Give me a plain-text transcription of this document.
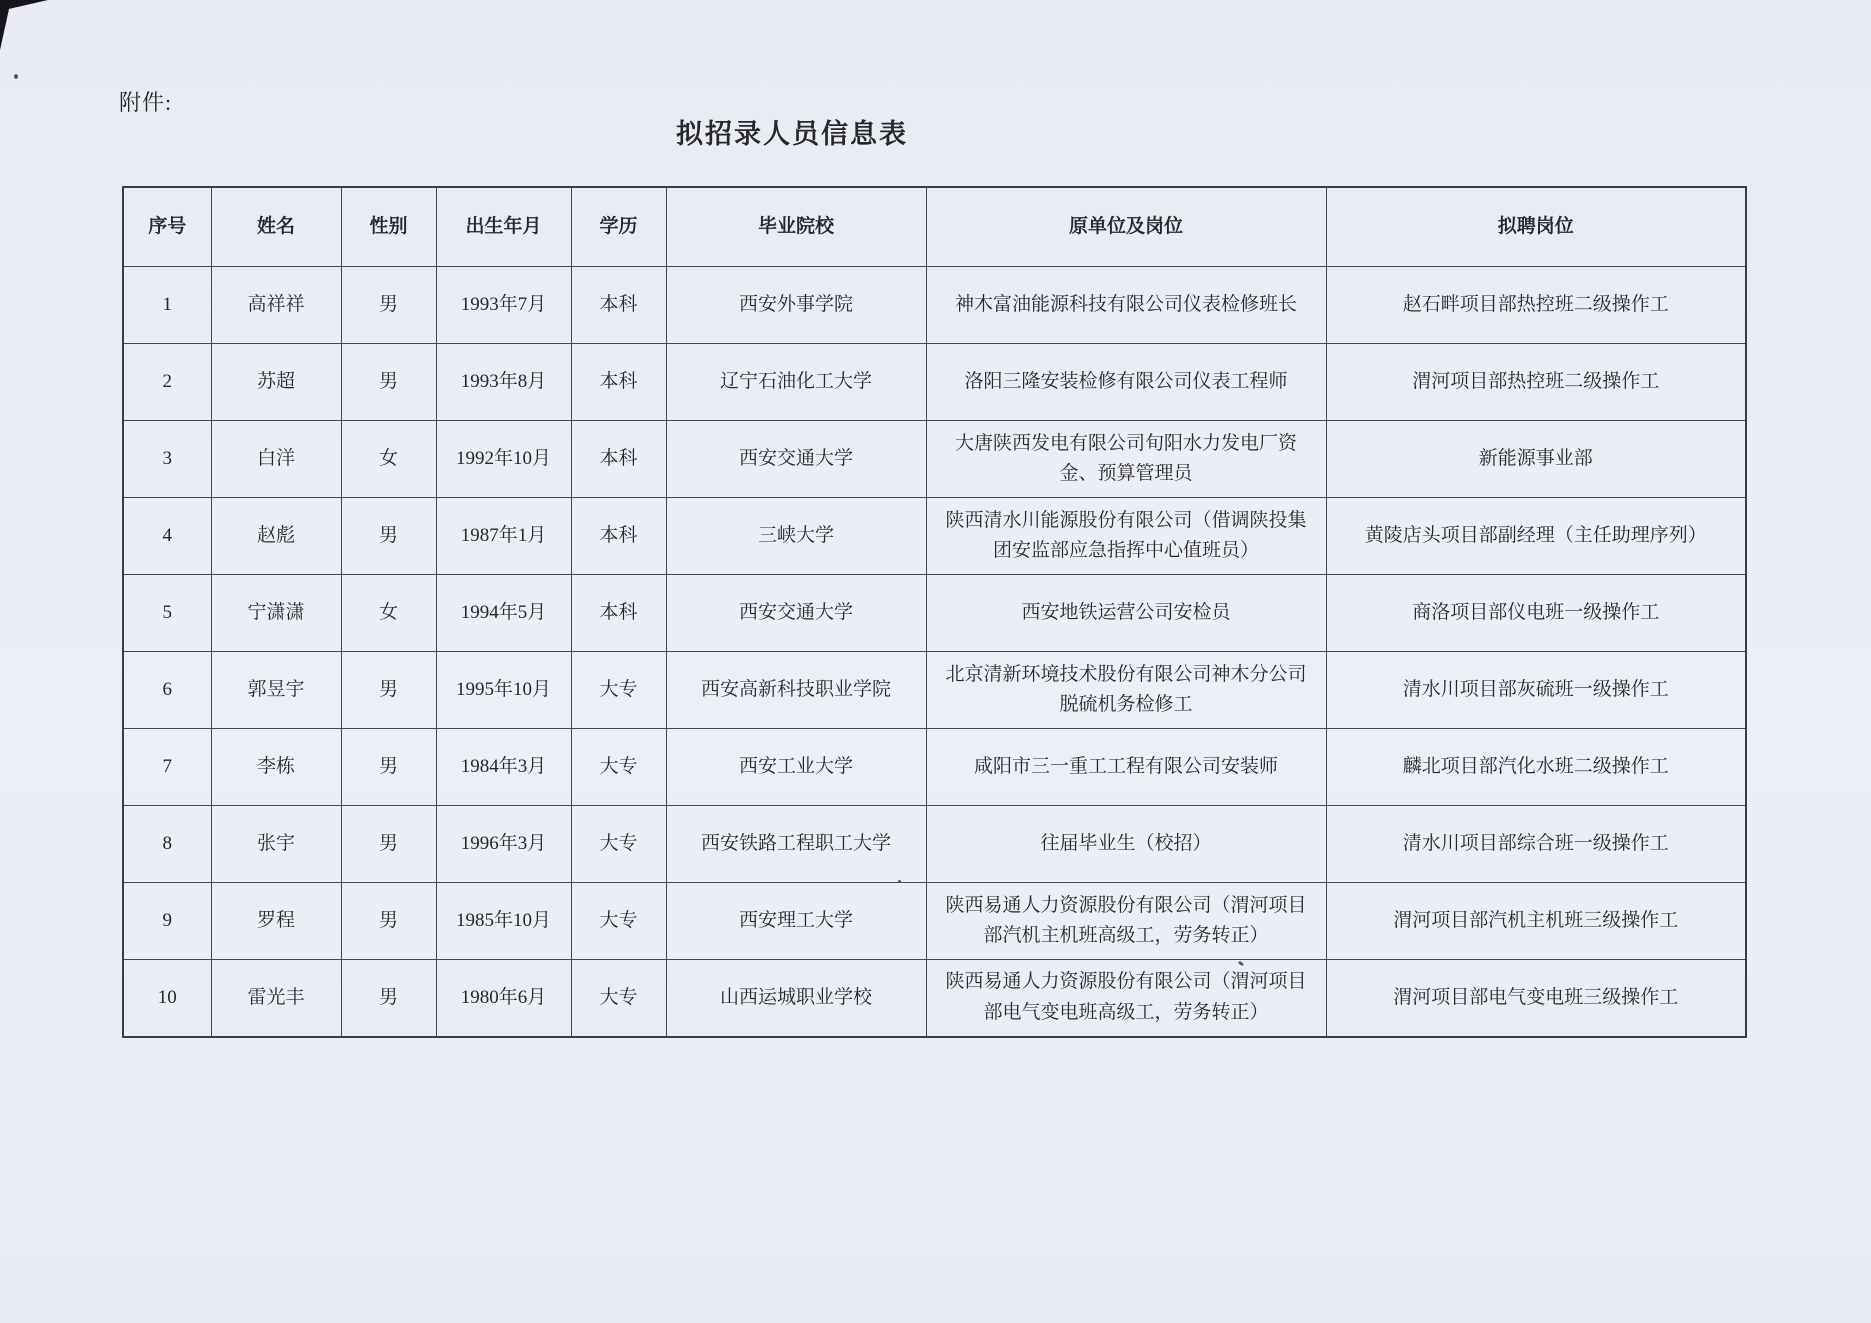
附件:
拟招录人员信息表
序号	姓名	性别	出生年月	学历	毕业院校	原单位及岗位	拟聘岗位
1	高祥祥	男	1993年7月	本科	西安外事学院	神木富油能源科技有限公司仪表检修班长	赵石畔项目部热控班二级操作工
2	苏超	男	1993年8月	本科	辽宁石油化工大学	洛阳三隆安装检修有限公司仪表工程师	渭河项目部热控班二级操作工
3	白洋	女	1992年10月	本科	西安交通大学	大唐陕西发电有限公司旬阳水力发电厂资金、预算管理员	新能源事业部
4	赵彪	男	1987年1月	本科	三峡大学	陕西清水川能源股份有限公司（借调陕投集团安监部应急指挥中心值班员）	黄陵店头项目部副经理（主任助理序列）
5	宁潇潇	女	1994年5月	本科	西安交通大学	西安地铁运营公司安检员	商洛项目部仪电班一级操作工
6	郭昱宇	男	1995年10月	大专	西安高新科技职业学院	北京清新环境技术股份有限公司神木分公司脱硫机务检修工	清水川项目部灰硫班一级操作工
7	李栋	男	1984年3月	大专	西安工业大学	咸阳市三一重工工程有限公司安装师	麟北项目部汽化水班二级操作工
8	张宇	男	1996年3月	大专	西安铁路工程职工大学	往届毕业生（校招）	清水川项目部综合班一级操作工
9	罗程	男	1985年10月	大专	西安理工大学	陕西易通人力资源股份有限公司（渭河项目部汽机主机班高级工，劳务转正）	渭河项目部汽机主机班三级操作工
10	雷光丰	男	1980年6月	大专	山西运城职业学校	陕西易通人力资源股份有限公司（渭河项目部电气变电班高级工，劳务转正）	渭河项目部电气变电班三级操作工
